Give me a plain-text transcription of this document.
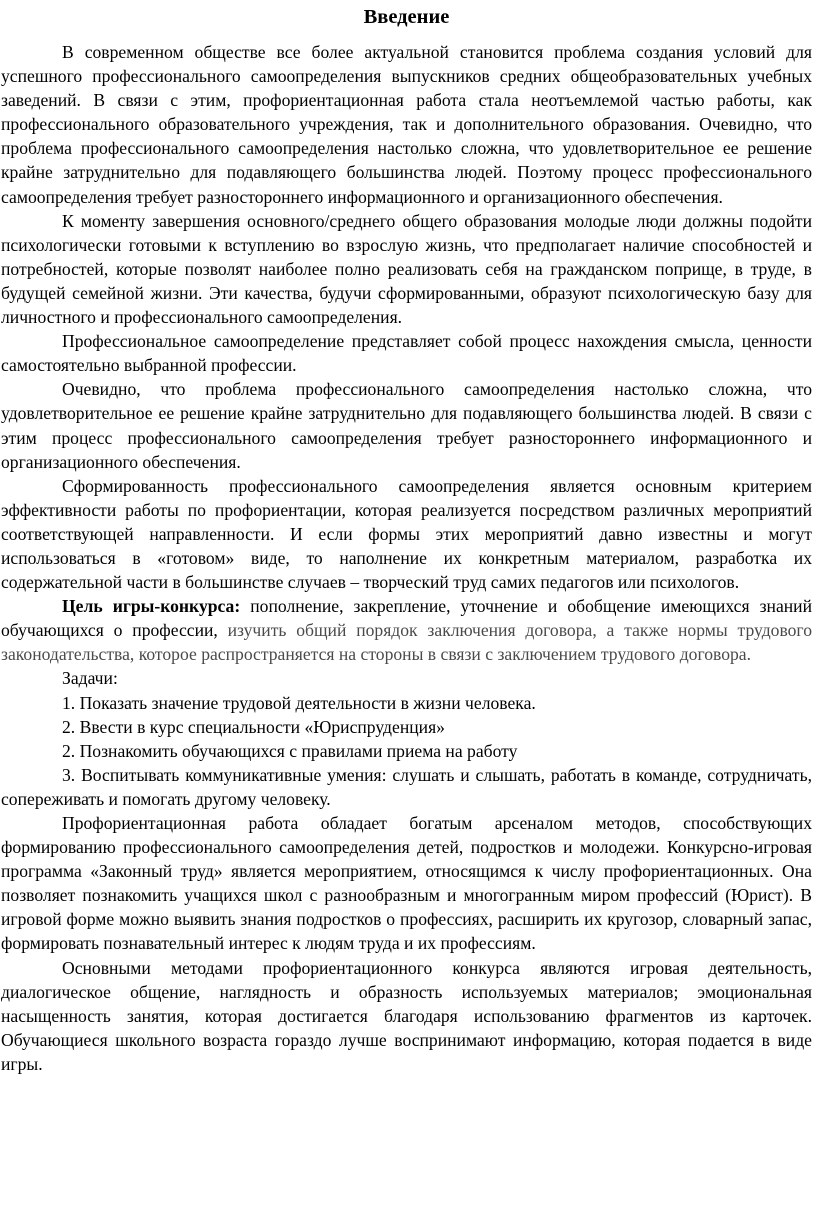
Введение

В современном обществе все более актуальной становится проблема создания условий для успешного профессионального самоопределения выпускников средних общеобразовательных учебных заведений. В связи с этим, профориентационная работа стала неотъемлемой частью работы, как профессионального образовательного учреждения, так и дополнительного образования. Очевидно, что проблема профессионального самоопределения настолько сложна, что удовлетворительное ее решение крайне затруднительно для подавляющего большинства людей. Поэтому процесс профессионального самоопределения требует разностороннего информационного и организационного обеспечения.

К моменту завершения основного/среднего общего образования молодые люди должны подойти психологически готовыми к вступлению во взрослую жизнь, что предполагает наличие способностей и потребностей, которые позволят наиболее полно реализовать себя на гражданском поприще, в труде, в будущей семейной жизни. Эти качества, будучи сформированными, образуют психологическую базу для личностного и профессионального самоопределения.

Профессиональное самоопределение представляет собой процесс нахождения смысла, ценности самостоятельно выбранной профессии.

Очевидно, что проблема профессионального самоопределения настолько сложна, что удовлетворительное ее решение крайне затруднительно для подавляющего большинства людей. В связи с этим процесс профессионального самоопределения требует разностороннего информационного и организационного обеспечения.

Сформированность профессионального самоопределения является основным критерием эффективности работы по профориентации, которая реализуется посредством различных мероприятий соответствующей направленности. И если формы этих мероприятий давно известны и могут использоваться в «готовом» виде, то наполнение их конкретным материалом, разработка их содержательной части в большинстве случаев – творческий труд самих педагогов или психологов.

Цель игры-конкурса: пополнение, закрепление, уточнение и обобщение имеющихся знаний обучающихся о профессии, изучить общий порядок заключения договора, а также нормы трудового законодательства, которое распространяется на стороны в связи с заключением трудового договора.

Задачи:

1. Показать значение трудовой деятельности в жизни человека.

2. Ввести в курс специальности «Юриспруденция»

2. Познакомить обучающихся с правилами приема на работу

3. Воспитывать коммуникативные умения: слушать и слышать, работать в команде, сотрудничать, сопереживать и помогать другому человеку.

Профориентационная работа обладает богатым арсеналом методов, способствующих формированию профессионального самоопределения детей, подростков и молодежи. Конкурсно-игровая программа «Законный труд» является мероприятием, относящимся к числу профориентационных. Она позволяет познакомить учащихся школ с разнообразным и многогранным миром профессий (Юрист). В игровой форме можно выявить знания подростков о профессиях, расширить их кругозор, словарный запас, формировать познавательный интерес к людям труда и их профессиям.

Основными методами профориентационного конкурса являются игровая деятельность, диалогическое общение, наглядность и образность используемых материалов; эмоциональная насыщенность занятия, которая достигается благодаря использованию фрагментов из карточек. Обучающиеся школьного возраста гораздо лучше воспринимают информацию, которая подается в виде игры.
